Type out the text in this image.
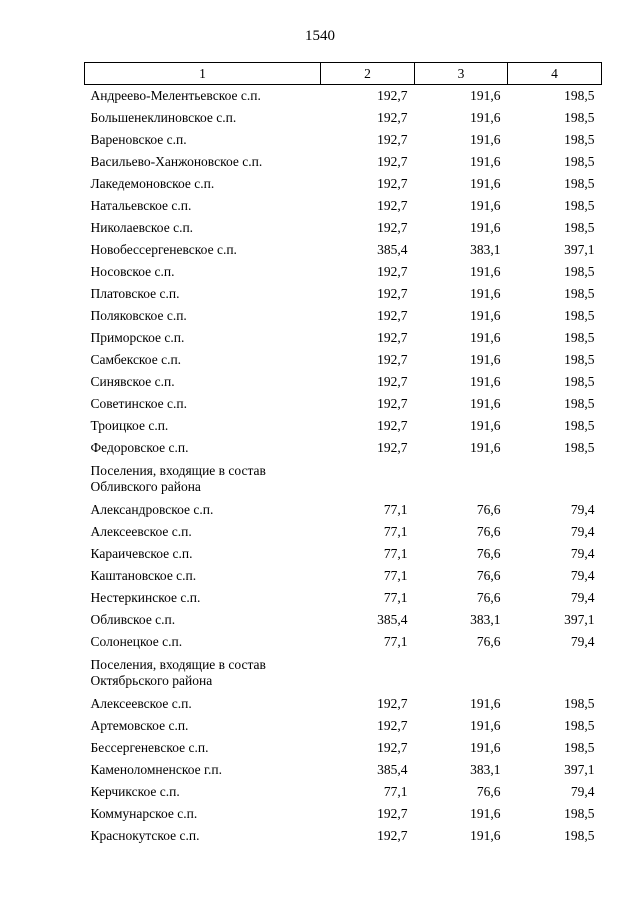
1540
1	2	3	4
Андреево-Мелентьевское с.п.	192,7	191,6	198,5
Большенеклиновское с.п.	192,7	191,6	198,5
Вареновское с.п.	192,7	191,6	198,5
Васильево-Ханжоновское с.п.	192,7	191,6	198,5
Лакедемоновское с.п.	192,7	191,6	198,5
Натальевское с.п.	192,7	191,6	198,5
Николаевское с.п.	192,7	191,6	198,5
Новобессергеневское с.п.	385,4	383,1	397,1
Носовское с.п.	192,7	191,6	198,5
Платовское с.п.	192,7	191,6	198,5
Поляковское с.п.	192,7	191,6	198,5
Приморское с.п.	192,7	191,6	198,5
Самбекское с.п.	192,7	191,6	198,5
Синявское с.п.	192,7	191,6	198,5
Советинское с.п.	192,7	191,6	198,5
Троицкое с.п.	192,7	191,6	198,5
Федоровское с.п.	192,7	191,6	198,5

Поселения, входящие в состав
Обливского района			

Александровское с.п.	77,1	76,6	79,4
Алексеевское с.п.	77,1	76,6	79,4
Караичевское с.п.	77,1	76,6	79,4
Каштановское с.п.	77,1	76,6	79,4
Нестеркинское с.п.	77,1	76,6	79,4
Обливское с.п.	385,4	383,1	397,1
Солонецкое с.п.	77,1	76,6	79,4

Поселения, входящие в состав
Октябрьского района			

Алексеевское с.п.	192,7	191,6	198,5
Артемовское с.п.	192,7	191,6	198,5
Бессергеневское с.п.	192,7	191,6	198,5
Каменоломненское г.п.	385,4	383,1	397,1
Керчикское с.п.	77,1	76,6	79,4
Коммунарское с.п.	192,7	191,6	198,5
Краснокутское с.п.	192,7	191,6	198,5
